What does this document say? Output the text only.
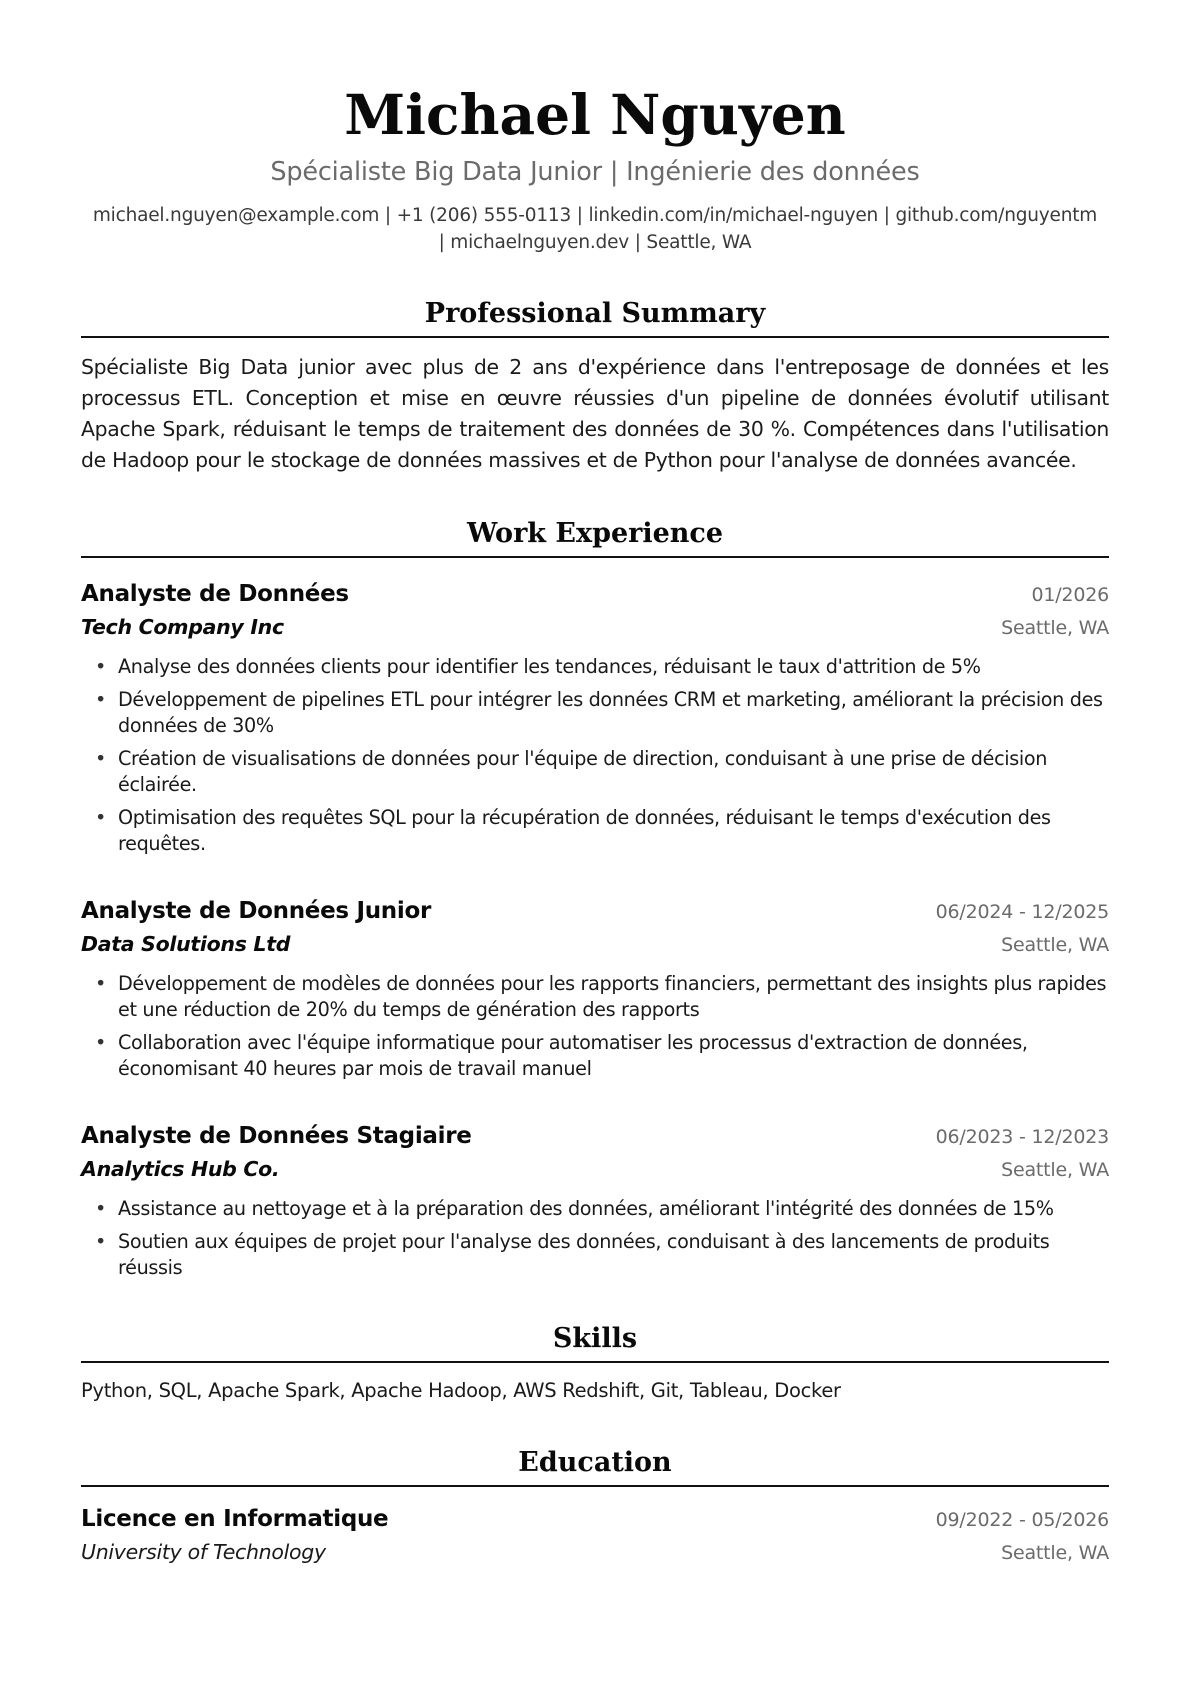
Michael Nguyen
Spécialiste Big Data Junior | Ingénierie des données
michael.nguyen@example.com | +1 (206) 555-0113 | linkedin.com/in/michael-nguyen | github.com/nguyentm
| michaelnguyen.dev | Seattle, WA
Professional Summary
Spécialiste Big Data junior avec plus de 2 ans d'expérience dans l'entreposage de données et les processus ETL. Conception et mise en œuvre réussies d'un pipeline de données évolutif utilisant Apache Spark, réduisant le temps de traitement des données de 30 %. Compétences dans l'utilisation de Hadoop pour le stockage de données massives et de Python pour l'analyse de données avancée.
Work Experience
Analyste de Données	01/2026
Tech Company Inc	Seattle, WA
• Analyse des données clients pour identifier les tendances, réduisant le taux d'attrition de 5%
• Développement de pipelines ETL pour intégrer les données CRM et marketing, améliorant la précision des données de 30%
• Création de visualisations de données pour l'équipe de direction, conduisant à une prise de décision éclairée.
• Optimisation des requêtes SQL pour la récupération de données, réduisant le temps d'exécution des requêtes.
Analyste de Données Junior	06/2024 - 12/2025
Data Solutions Ltd	Seattle, WA
• Développement de modèles de données pour les rapports financiers, permettant des insights plus rapides et une réduction de 20% du temps de génération des rapports
• Collaboration avec l'équipe informatique pour automatiser les processus d'extraction de données, économisant 40 heures par mois de travail manuel
Analyste de Données Stagiaire	06/2023 - 12/2023
Analytics Hub Co.	Seattle, WA
• Assistance au nettoyage et à la préparation des données, améliorant l'intégrité des données de 15%
• Soutien aux équipes de projet pour l'analyse des données, conduisant à des lancements de produits réussis
Skills
Python, SQL, Apache Spark, Apache Hadoop, AWS Redshift, Git, Tableau, Docker
Education
Licence en Informatique	09/2022 - 05/2026
University of Technology	Seattle, WA
